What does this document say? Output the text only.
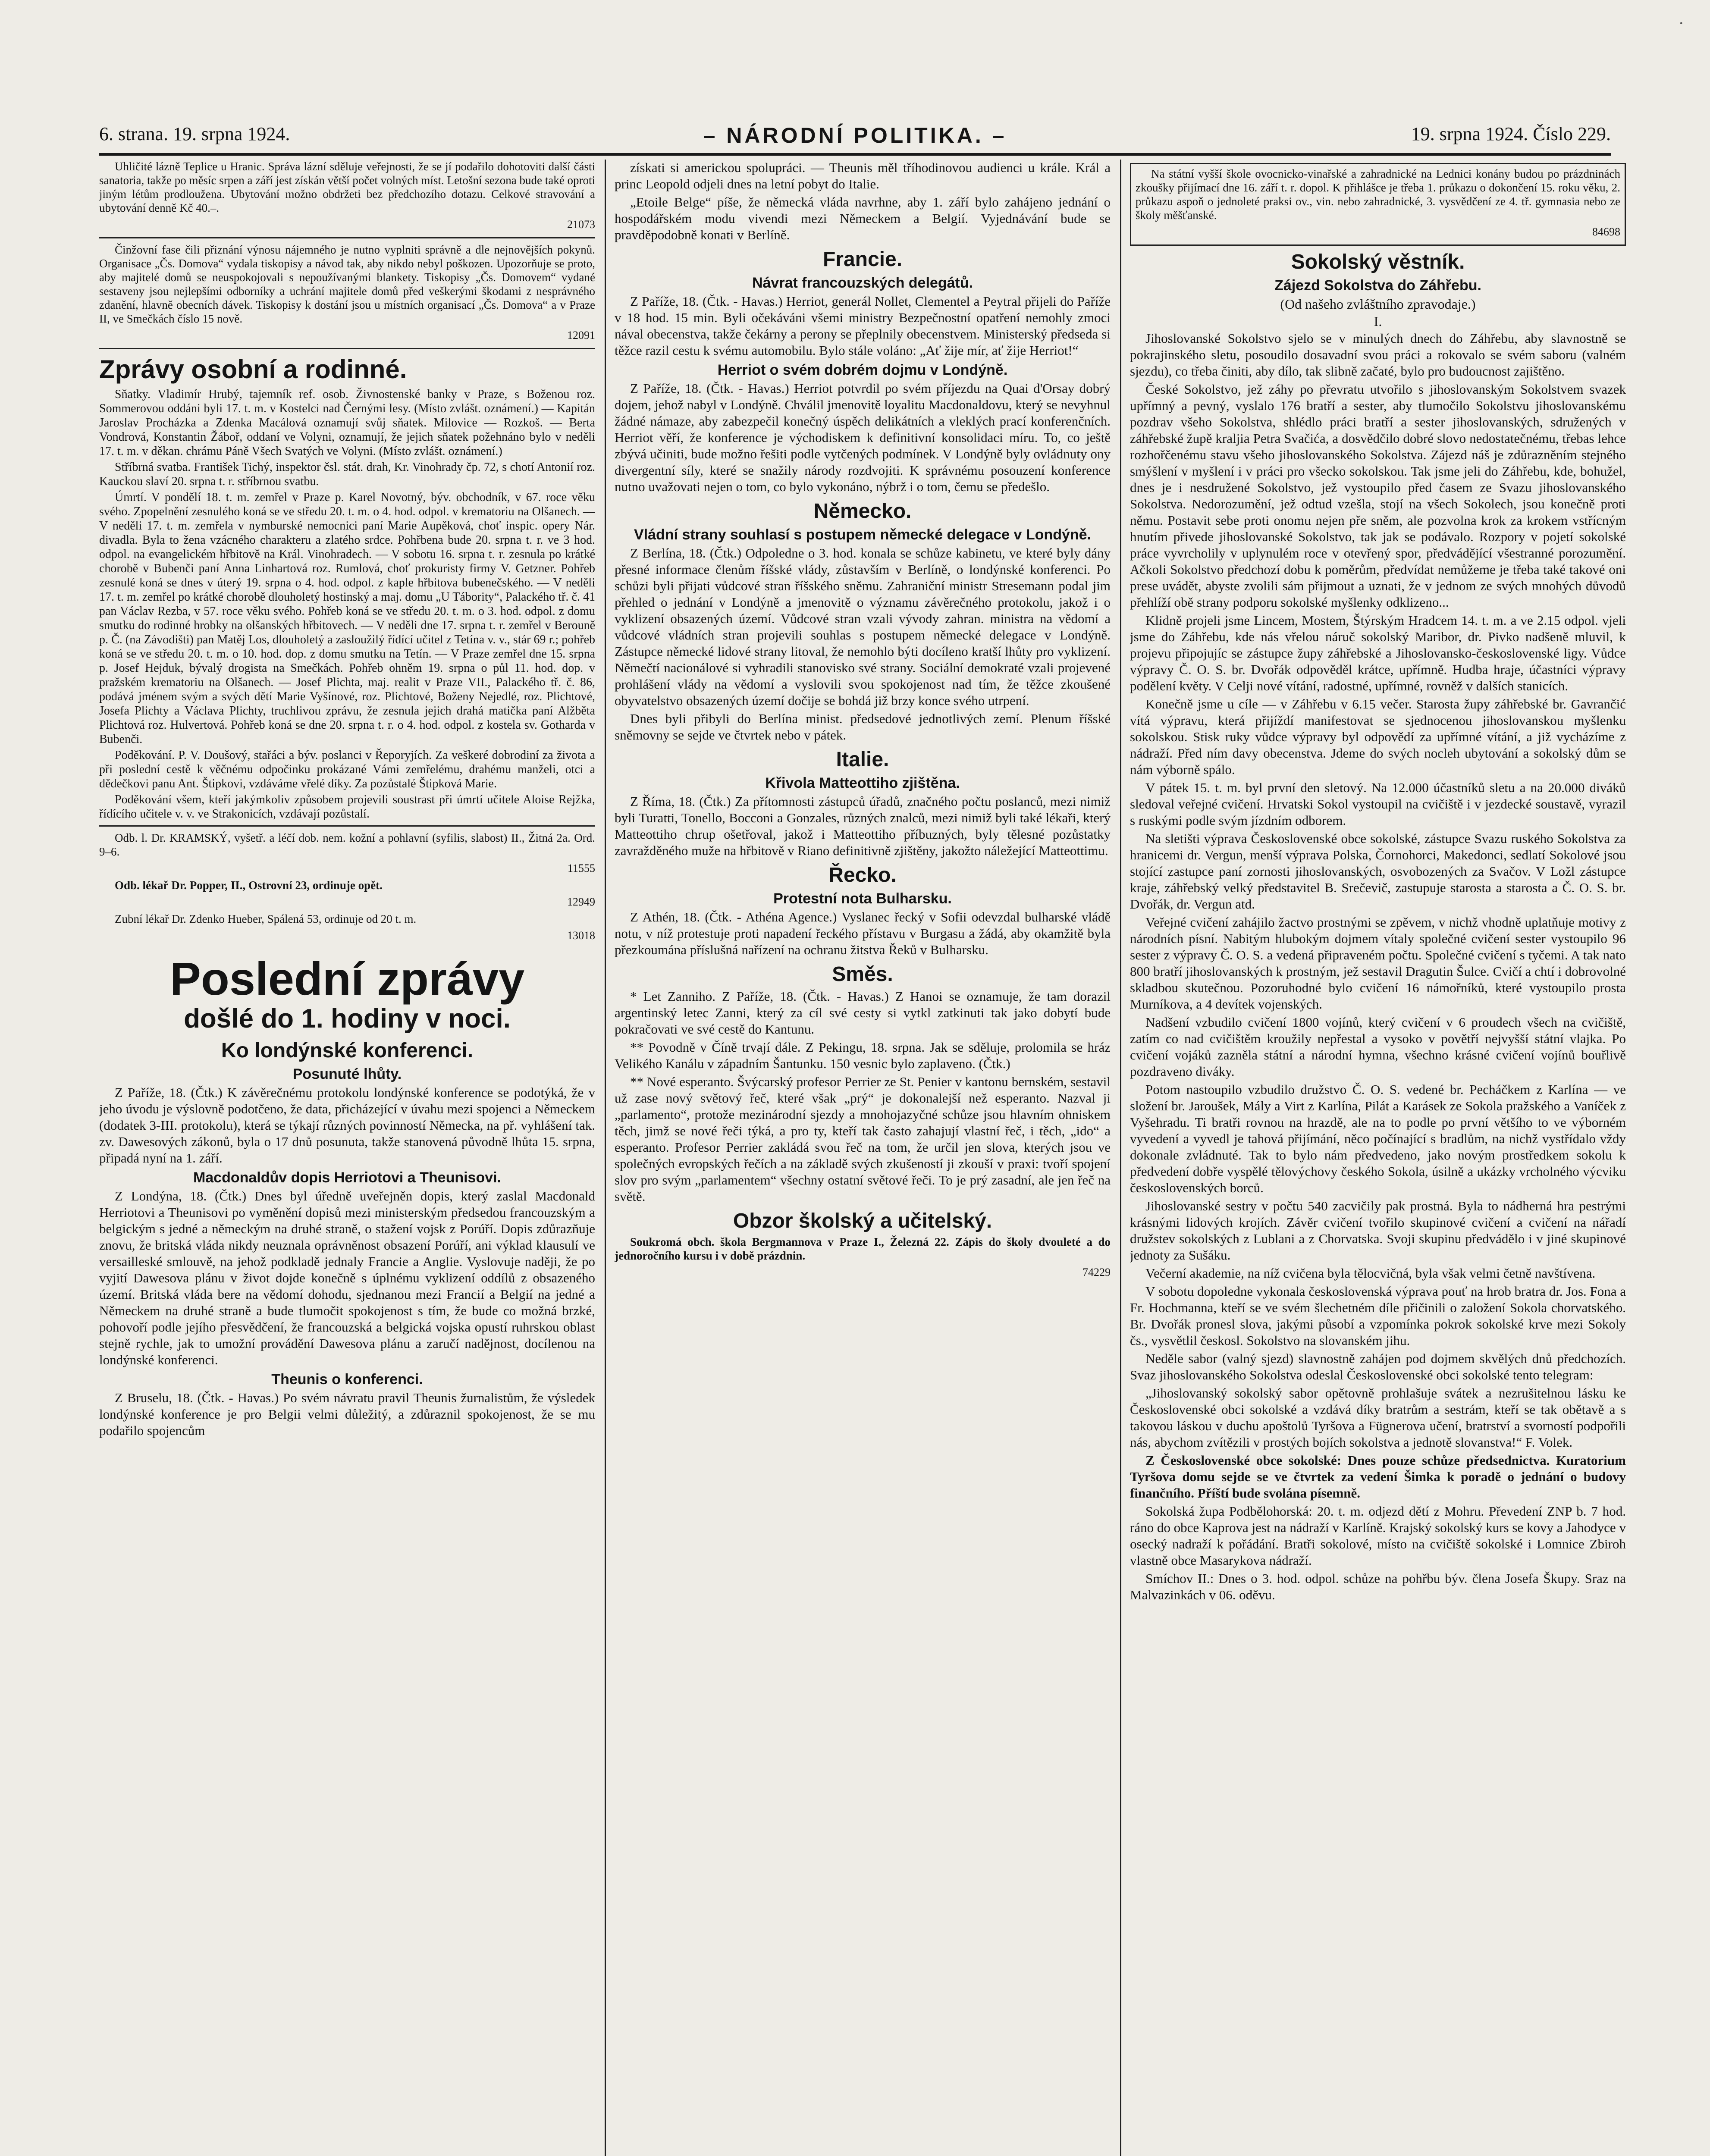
·
6. strana. 19. srpna 1924.	– NÁRODNÍ POLITIKA. –	19. srpna 1924. Číslo 229.

Uhličité lázně Teplice u Hranic. Správa lázní sděluje veřejnosti, že se jí podařilo dohotoviti další části sanatoria, takže po měsíc srpen a září jest získán větší počet volných míst. Letošní sezona bude také oproti jiným létům prodloužena. Ubytování možno obdržeti bez předchozího dotazu. Celkové stravování a ubytování denně Kč 40.–.

21073

Činžovní fase čili přiznání výnosu nájemného je nutno vyplniti správně a dle nejnovějších pokynů. Organisace „Čs. Domova“ vydala tiskopisy a návod tak, aby nikdo nebyl poškozen. Upozorňuje se proto, aby majitelé domů se neuspokojovali s nepoužívanými blankety. Tiskopisy „Čs. Domovem“ vydané sestaveny jsou nejlepšími odborníky a uchrání majitele domů před veškerými škodami z nesprávného zdanění, hlavně obecních dávek. Tiskopisy k dostání jsou u místních organisací „Čs. Domova“ a v Praze II, ve Smečkách číslo 15 nově.

12091

Zprávy osobní a rodinné.

Sňatky. Vladimír Hrubý, tajemník ref. osob. Živnostenské banky v Praze, s Boženou roz. Sommerovou oddáni byli 17. t. m. v Kostelci nad Černými lesy. (Místo zvlášt. oznámení.) — Kapitán Jaroslav Procházka a Zdenka Macálová oznamují svůj sňatek. Milovice — Rozkoš. — Berta Vondrová, Konstantin Žáboř, oddaní ve Volyni, oznamují, že jejich sňatek požehnáno bylo v neděli 17. t. m. v děkan. chrámu Páně Všech Svatých ve Volyni. (Místo zvlášt. oznámení.)

Stříbrná svatba. František Tichý, inspektor čsl. stát. drah, Kr. Vinohrady čp. 72, s chotí Antonií roz. Kauckou slaví 20. srpna t. r. stříbrnou svatbu.

Úmrtí. V pondělí 18. t. m. zemřel v Praze p. Karel Novotný, býv. obchodník, v 67. roce věku svého. Zpopelnění zesnulého koná se ve středu 20. t. m. o 4. hod. odpol. v krematoriu na Olšanech. — V neděli 17. t. m. zemřela v nymburské nemocnici paní Marie Aupěková, choť inspic. opery Nár. divadla. Byla to žena vzácného charakteru a zlatého srdce. Pohřbena bude 20. srpna t. r. ve 3 hod. odpol. na evangelickém hřbitově na Král. Vinohradech. — V sobotu 16. srpna t. r. zesnula po krátké chorobě v Bubenči paní Anna Linhartová roz. Rumlová, choť prokuristy firmy V. Getzner. Pohřeb zesnulé koná se dnes v úterý 19. srpna o 4. hod. odpol. z kaple hřbitova bubenečského. — V neděli 17. t. m. zemřel po krátké chorobě dlouholetý hostinský a maj. domu „U Tábority“, Palackého tř. č. 41 pan Václav Rezba, v 57. roce věku svého. Pohřeb koná se ve středu 20. t. m. o 3. hod. odpol. z domu smutku do rodinné hrobky na olšanských hřbitovech. — V neděli dne 17. srpna t. r. zemřel v Berouně p. Č. (na Závodišti) pan Matěj Los, dlouholetý a zasloužilý řídící učitel z Tetína v. v., stár 69 r.; pohřeb koná se ve středu 20. t. m. o 10. hod. dop. z domu smutku na Tetín. — V Praze zemřel dne 15. srpna p. Josef Hejduk, bývalý drogista na Smečkách. Pohřeb ohněm 19. srpna o půl 11. hod. dop. v pražském krematoriu na Olšanech. — Josef Plichta, maj. realit v Praze VII., Palackého tř. č. 86, podává jménem svým a svých dětí Marie Vyšínové, roz. Plichtové, Boženy Nejedlé, roz. Plichtové, Josefa Plichty a Václava Plichty, truchlivou zprávu, že zesnula jejich drahá matička paní Alžběta Plichtová roz. Hulvertová. Pohřeb koná se dne 20. srpna t. r. o 4. hod. odpol. z kostela sv. Gotharda v Bubenči.

Poděkování. P. V. Doušový, stařáci a býv. poslanci v Řeporyjích. Za veškeré dobrodiní za života a při poslední cestě k věčnému odpočinku prokázané Vámi zemřelému, drahému manželi, otci a dědečkovi panu Ant. Štipkovi, vzdáváme vřelé díky. Za pozůstalé Štipková Marie.

Poděkování všem, kteří jakýmkoliv způsobem projevili soustrast při úmrtí učitele Aloise Rejžka, řídícího učitele v. v. ve Strakonicích, vzdávají pozůstalí.

Odb. l. Dr. KRAMSKÝ, vyšetř. a léčí dob. nem. kožní a pohlavní (syfilis, slabost) II., Žitná 2a. Ord. 9–6.

11555

Odb. lékař Dr. Popper, II., Ostrovní 23, ordinuje opět.

12949

Zubní lékař Dr. Zdenko Hueber, Spálená 53, ordinuje od 20 t. m.

13018

Poslední zprávy
došlé do 1. hodiny v noci.
Ko londýnské konferenci.
Posunuté lhůty.

Z Paříže, 18. (Čtk.) K závěrečnému protokolu londýnské konference se podotýká, že v jeho úvodu je výslovně podotčeno, že data, přicházející v úvahu mezi spojenci a Německem (dodatek 3-III. protokolu), která se týkají různých povinností Německa, na př. vyhlášení tak. zv. Dawesových zákonů, byla o 17 dnů posunuta, takže stanovená původně lhůta 15. srpna, připadá nyní na 1. září.

Macdonaldův dopis Herriotovi a Theunisovi.

Z Londýna, 18. (Čtk.) Dnes byl úředně uveřejněn dopis, který zaslal Macdonald Herriotovi a Theunisovi po vyměnění dopisů mezi ministerským předsedou francouzským a belgickým s jedné a německým na druhé straně, o stažení vojsk z Porúří. Dopis zdůrazňuje znovu, že britská vláda nikdy neuznala oprávněnost obsazení Porúří, ani výklad klausulí ve versailleské smlouvě, na jehož podkladě jednaly Francie a Anglie. Vyslovuje naději, že po vyjití Dawesova plánu v život dojde konečně s úplnému vyklizení oddílů z obsazeného území. Britská vláda bere na vědomí dohodu, sjednanou mezi Francií a Belgií na jedné a Německem na druhé straně a bude tlumočit spokojenost s tím, že bude co možná brzké, pohovoří podle jejího přesvědčení, že francouzská a belgická vojska opustí ruhrskou oblast stejně rychle, jak to umožní provádění Dawesova plánu a zaručí nadějnost, docílenou na londýnské konferenci.

Theunis o konferenci.

Z Bruselu, 18. (Čtk. - Havas.) Po svém návratu pravil Theunis žurnalistům, že výsledek londýnské konference je pro Belgii velmi důležitý, a zdůraznil spokojenost, že se mu podařilo spojencům

získati si americkou spolupráci. — Theunis měl tříhodinovou audienci u krále. Král a princ Leopold odjeli dnes na letní pobyt do Italie.

„Etoile Belge“ píše, že německá vláda navrhne, aby 1. září bylo zahájeno jednání o hospodářském modu vivendi mezi Německem a Belgií. Vyjednávání bude se pravděpodobně konati v Berlíně.

Francie.
Návrat francouzských delegátů.

Z Paříže, 18. (Čtk. - Havas.) Herriot, generál Nollet, Clementel a Peytral přijeli do Paříže v 18 hod. 15 min. Byli očekáváni všemi ministry Bezpečnostní opatření nemohly zmoci nával obecenstva, takže čekárny a perony se přeplnily obecenstvem. Ministerský předseda si těžce razil cestu k svému automobilu. Bylo stále voláno: „Ať žije mír, ať žije Herriot!“

Herriot o svém dobrém dojmu v Londýně.

Z Paříže, 18. (Čtk. - Havas.) Herriot potvrdil po svém příjezdu na Quai d'Orsay dobrý dojem, jehož nabyl v Londýně. Chválil jmenovitě loyalitu Macdonaldovu, který se nevyhnul žádné námaze, aby zabezpečil konečný úspěch delikátních a vleklých prací konferenčních. Herriot věří, že konference je východiskem k definitivní konsolidaci míru. To, co ještě zbývá učiniti, bude možno řešiti podle vytčených podmínek. V Londýně byly ovládnuty ony divergentní síly, které se snažily národy rozdvojiti. K správnému posouzení konference nutno uvažovati nejen o tom, co bylo vykonáno, nýbrž i o tom, čemu se předešlo.

Německo.
Vládní strany souhlasí s postupem německé delegace v Londýně.

Z Berlína, 18. (Čtk.) Odpoledne o 3. hod. konala se schůze kabinetu, ve které byly dány přesné informace členům říšské vlády, zůstavším v Berlíně, o londýnské konferenci. Po schůzi byli přijati vůdcové stran říšského sněmu. Zahraniční ministr Stresemann podal jim přehled o jednání v Londýně a jmenovitě o významu závěrečného protokolu, jakož i o vyklizení obsazených území. Vůdcové stran vzali vývody zahran. ministra na vědomí a vůdcové vládních stran projevili souhlas s postupem německé delegace v Londýně. Zástupce německé lidové strany litoval, že nemohlo býti docíleno kratší lhůty pro vyklizení. Němečtí nacionálové si vyhradili stanovisko své strany. Sociální demokraté vzali projevené prohlášení vlády na vědomí a vyslovili svou spokojenost nad tím, že těžce zkoušené obyvatelstvo obsazených území dočije se bohdá již brzy konce svého utrpení.

Dnes byli přibyli do Berlína minist. předsedové jednotlivých zemí. Plenum říšské sněmovny se sejde ve čtvrtek nebo v pátek.

Italie.
Křivola Matteottiho zjištěna.

Z Říma, 18. (Čtk.) Za přítomnosti zástupců úřadů, značného počtu poslanců, mezi nimiž byli Turatti, Tonello, Bocconi a Gonzales, různých znalců, mezi nimiž byli také lékaři, který Matteottiho chrup ošetřoval, jakož i Matteottiho příbuzných, byly tělesné pozůstatky zavražděného muže na hřbitově v Riano definitivně zjištěny, jakožto náležející Matteottimu.

Řecko.
Protestní nota Bulharsku.

Z Athén, 18. (Čtk. - Athéna Agence.) Vyslanec řecký v Sofii odevzdal bulharské vládě notu, v níž protestuje proti napadení řeckého přístavu v Burgasu a žádá, aby okamžitě byla přezkoumána příslušná nařízení na ochranu žitstva Řeků v Bulharsku.

Směs.

* Let Zanniho. Z Paříže, 18. (Čtk. - Havas.) Z Hanoi se oznamuje, že tam dorazil argentinský letec Zanni, který za cíl své cesty si vytkl zatkinuti tak jako dobytí bude pokračovati ve své cestě do Kantunu.

** Povodně v Číně trvají dále. Z Pekingu, 18. srpna. Jak se sděluje, prolomila se hráz Velikého Kanálu v západním Šantunku. 150 vesnic bylo zaplaveno. (Čtk.)

** Nové esperanto. Švýcarský profesor Perrier ze St. Penier v kantonu bernském, sestavil už zase nový světový řeč, které však „prý“ je dokonalejší než esperanto. Nazval ji „parlamento“, protože mezinárodní sjezdy a mnohojazyčné schůze jsou hlavním ohniskem těch, jimž se nové řeči týká, a pro ty, kteří tak často zahajují vlastní řeč, i těch, „ido“ a esperanto. Profesor Perrier zakládá svou řeč na tom, že určil jen slova, kterých jsou ve společných evropských řečích a na základě svých zkušeností ji zkouší v praxi: tvoří spojení slov pro svým „parlamentem“ všechny ostatní světové řeči. To je prý zasadní, ale jen řeč na světě.

Obzor školský a učitelský.

Soukromá obch. škola Bergmannova v Praze I., Železná 22. Zápis do školy dvouleté a do jednoročního kursu i v době prázdnin.

74229

Na státní vyšší škole ovocnicko-vinařské a zahradnické na Lednici konány budou po prázdninách zkoušky přijímací dne 16. září t. r. dopol. K přihlášce je třeba 1. průkazu o dokončení 15. roku věku, 2. průkazu aspoň o jednoleté praksi ov., vin. nebo zahradnické, 3. vysvědčení ze 4. tř. gymnasia nebo ze školy měšťanské.

84698

Sokolský věstník.
Zájezd Sokolstva do Záhřebu.
(Od našeho zvláštního zpravodaje.)
I.

Jihoslovanské Sokolstvo sjelo se v minulých dnech do Záhřebu, aby slavnostně se pokrajinského sletu, posoudilo dosavadní svou práci a rokovalo se svém saboru (valném sjezdu), co třeba činiti, aby dílo, tak slibně začaté, bylo pro budoucnost zajištěno.

České Sokolstvo, jež záhy po převratu utvořilo s jihoslovanským Sokolstvem svazek upřímný a pevný, vyslalo 176 bratří a sester, aby tlumočilo Sokolstvu jihoslovanskému pozdrav všeho Sokolstva, shlédlo práci bratří a sester jihoslovanských, sdružených v záhřebské župě kraljia Petra Svačića, a dosvědčilo dobré slovo nedostatečnému, třebas lehce rozhořčenému stavu všeho jihoslovanského Sokolstva. Zájezd náš je zdůrazněním stejného smýšlení v myšlení i v práci pro všecko sokolskou. Tak jsme jeli do Záhřebu, kde, bohužel, dnes je i nesdružené Sokolstvo, jež vystoupilo před časem ze Svazu jihoslovanského Sokolstva. Nedorozumění, jež odtud vzešla, stojí na všech Sokolech, jsou konečně proti němu. Postavit sebe proti onomu nejen pře sněm, ale pozvolna krok za krokem vstřícným hnutím přivede jihoslovanské Sokolstvo, tak jak se podávalo. Rozpory v pojetí sokolské práce vyvrcholily v uplynulém roce v otevřený spor, předvádějící všestranné porozumění. Ačkoli Sokolstvo předchozí dobu k poměrům, předvídat nemůžeme je třeba také takové oni prese uvádět, abyste zvolili sám přijmout a uznati, že v jednom ze svých mnohých důvodů přehlíží obě strany podporu sokolské myšlenky odklizeno...

Klidně projeli jsme Lincem, Mostem, Štýrským Hradcem 14. t. m. a ve 2.15 odpol. vjeli jsme do Záhřebu, kde nás vřelou náruč sokolský Maribor, dr. Pivko nadšeně mluvil, k projevu připojujíc se zástupce župy záhřebské a Jihoslovansko-československé ligy. Vůdce výpravy Č. O. S. br. Dvořák odpověděl krátce, upřímně. Hudba hraje, účastníci výpravy podělení květy. V Celji nové vítání, radostné, upřímné, rovněž v dalších stanicích.

Konečně jsme u cíle — v Záhřebu v 6.15 večer. Starosta župy záhřebské br. Gavrančić vítá výpravu, která přijíždí manifestovat se sjednocenou jihoslovanskou myšlenku sokolskou. Stisk ruky vůdce výpravy byl odpovědí za upřímné vítání, a již vycházíme z nádraží. Před ním davy obecenstva. Jdeme do svých nocleh ubytování a sokolský dům se nám výborně spálo.

V pátek 15. t. m. byl první den sletový. Na 12.000 účastníků sletu a na 20.000 diváků sledoval veřejné cvičení. Hrvatski Sokol vystoupil na cvičiště i v jezdecké soustavě, vyrazil s ruskými podle svým jízdním odborem.

Na sletišti výprava Československé obce sokolské, zástupce Svazu ruského Sokolstva za hranicemi dr. Vergun, menší výprava Polska, Čornohorci, Makedonci, sedlatí Sokolové jsou stojící zastupce paní zornosti jihoslovanských, osvobozených za Svačov. V Ložl zástupce kraje, záhřebský velký představitel B. Srečevič, zastupuje starosta a starosta a Č. O. S. br. Dvořák, dr. Vergun atd.

Veřejné cvičení zahájilo žactvo prostnými se zpěvem, v nichž vhodně uplatňuje motivy z národních písní. Nabitým hlubokým dojmem vítaly společné cvičení sester vystoupilo 96 sester z výpravy Č. O. S. a vedená připraveném počtu. Společné cvičení s tyčemi. A tak nato 800 bratří jihoslovanských k prostným, jež sestavil Dragutin Šulce. Cvičí a chtí i dobrovolné skladbou skutečnou. Pozoruhodné bylo cvičení 16 námořníků, které vystoupilo prosta Murníkova, a 4 devítek vojenských.

Nadšení vzbudilo cvičení 1800 vojínů, který cvičení v 6 proudech všech na cvičiště, zatím co nad cvičištěm kroužily nepřestal a vysoko v povětří nejvyšší státní vlajka. Po cvičení vojáků zazněla státní a národní hymna, všechno krásné cvičení vojínů bouřlivě pozdraveno diváky.

Potom nastoupilo vzbudilo družstvo Č. O. S. vedené br. Pecháčkem z Karlína — ve složení br. Jaroušek, Mály a Virt z Karlína, Pilát a Karásek ze Sokola pražského a Vaníček z Vyšehradu. Ti bratři rovnou na hrazdě, ale na to podle po první většího to ve výborném vyvedení a vyvedl je tahová přijímání, něco počínající s bradlům, na nichž vystřídalo vždy dokonale zvládnuté. Tak to bylo nám předvedeno, jako novým prostředkem sokolu k předvedení dobře vyspělé tělovýchovy českého Sokola, úsilně a ukázky vrcholného výcviku československých borců.

Jihoslovanské sestry v počtu 540 zacvičily pak prostná. Byla to nádherná hra pestrými krásnými lidových krojích. Závěr cvičení tvořilo skupinové cvičení a cvičení na nářadí družstev sokolských z Lublani a z Chorvatska. Svoji skupinu předvádělo i v jiné skupinové jednoty za Sušáku.

Večerní akademie, na níž cvičena byla tělocvičná, byla však velmi četně navštívena.

V sobotu dopoledne vykonala československá výprava pouť na hrob bratra dr. Jos. Fona a Fr. Hochmanna, kteří se ve svém šlechetném díle přičinili o založení Sokola chorvatského. Br. Dvořák pronesl slova, jakými působí a vzpomínka pokrok sokolské krve mezi Sokoly čs., vysvětlil českosl. Sokolstvo na slovanském jihu.

Neděle sabor (valný sjezd) slavnostně zahájen pod dojmem skvělých dnů předchozích. Svaz jihoslovanského Sokolstva odeslal Československé obci sokolské tento telegram:

„Jihoslovanský sokolský sabor opětovně prohlašuje svátek a nezrušitelnou lásku ke Československé obci sokolské a vzdává díky bratrům a sestrám, kteří se tak obětavě a s takovou láskou v duchu apoštolů Tyršova a Fügnerova učení, bratrství a svorností podpořili nás, abychom zvítězili v prostých bojích sokolstva a jednotě slovanstva!“ F. Volek.

Z Československé obce sokolské: Dnes pouze schůze předsednictva. Kuratorium Tyršova domu sejde se ve čtvrtek za vedení Šimka k poradě o jednání o budovy finančního. Příští bude svolána písemně.

Sokolská župa Podbělohorská: 20. t. m. odjezd dětí z Mohru. Převedení ZNP b. 7 hod. ráno do obce Kaprova jest na nádraží v Karlíně. Krajský sokolský kurs se kovy a Jahodyce v osecký nadraží k pořádání. Bratři sokolové, místo na cvičiště sokolské i Lomnice Zbiroh vlastně obce Masarykova nádraží.

Smíchov II.: Dnes o 3. hod. odpol. schůze na pohřbu býv. člena Josefa Škupy. Sraz na Malvazinkách v 06. oděvu.
